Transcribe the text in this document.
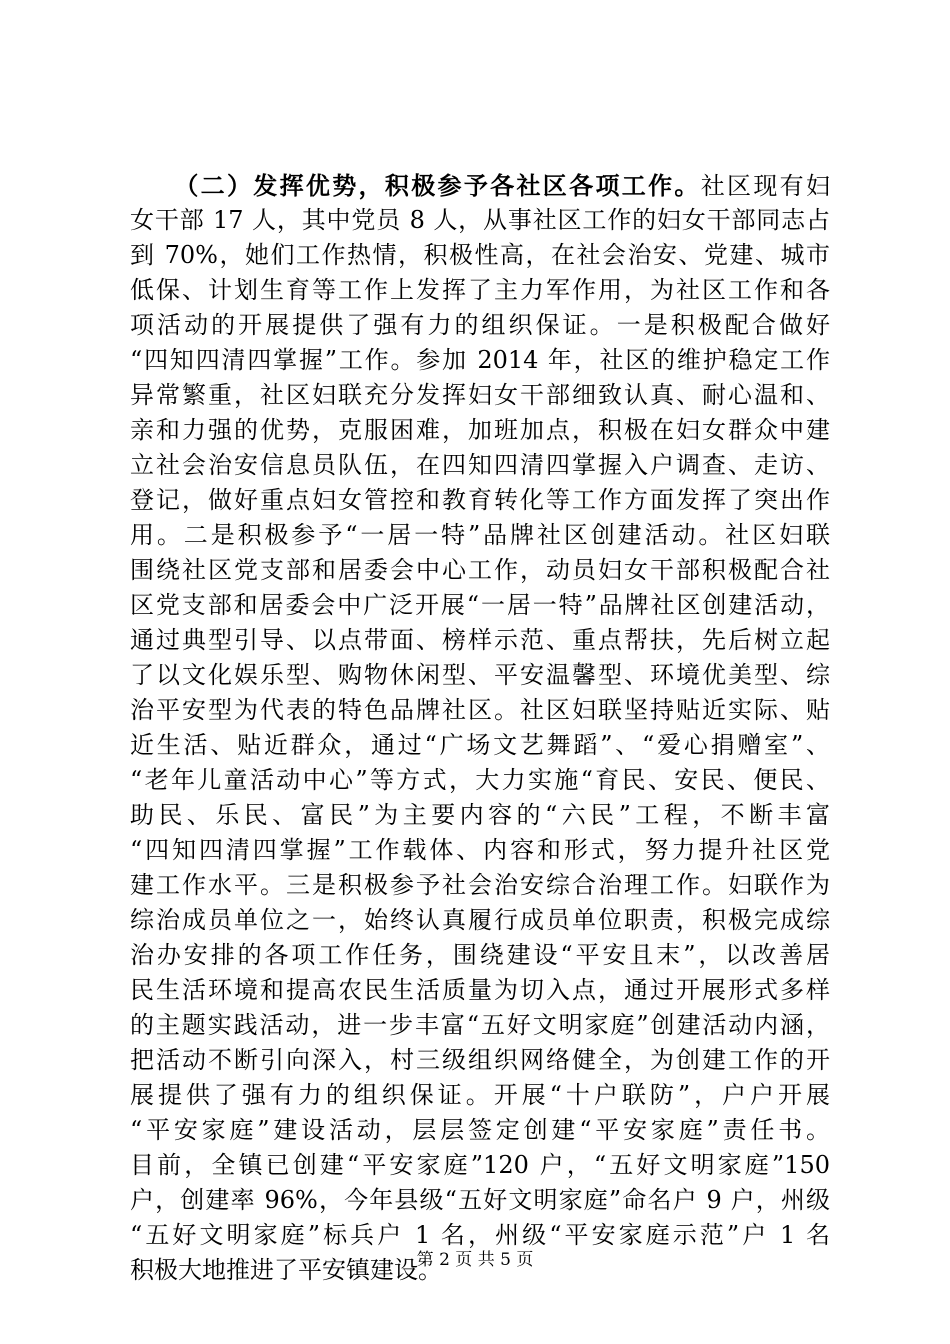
（二）发挥优势，积极参予各社区各项工作。社区现有妇
女干部 17 人，其中党员 8 人，从事社区工作的妇女干部同志占
到 70%，她们工作热情，积极性高，在社会治安、党建、城市
低保、计划生育等工作上发挥了主力军作用，为社区工作和各
项活动的开展提供了强有力的组织保证。一是积极配合做好
“四知四清四掌握”工作。参加 2014 年，社区的维护稳定工作
异常繁重，社区妇联充分发挥妇女干部细致认真、耐心温和、
亲和力强的优势，克服困难，加班加点，积极在妇女群众中建
立社会治安信息员队伍，在四知四清四掌握入户调查、走访、
登记，做好重点妇女管控和教育转化等工作方面发挥了突出作
用。二是积极参予“一居一特”品牌社区创建活动。社区妇联
围绕社区党支部和居委会中心工作，动员妇女干部积极配合社
区党支部和居委会中广泛开展“一居一特”品牌社区创建活动，
通过典型引导、以点带面、榜样示范、重点帮扶，先后树立起
了以文化娱乐型、购物休闲型、平安温馨型、环境优美型、综
治平安型为代表的特色品牌社区。社区妇联坚持贴近实际、贴
近生活、贴近群众，通过“广场文艺舞蹈”、“爱心捐赠室”、
“老年儿童活动中心”等方式，大力实施“育民、安民、便民、
助民、乐民、富民”为主要内容的“六民”工程，不断丰富
“四知四清四掌握”工作载体、内容和形式，努力提升社区党
建工作水平。三是积极参予社会治安综合治理工作。妇联作为
综治成员单位之一，始终认真履行成员单位职责，积极完成综
治办安排的各项工作任务，围绕建设“平安且末”，以改善居
民生活环境和提高农民生活质量为切入点，通过开展形式多样
的主题实践活动，进一步丰富“五好文明家庭”创建活动内涵，
把活动不断引向深入，村三级组织网络健全，为创建工作的开
展提供了强有力的组织保证。开展“十户联防”，户户开展
“平安家庭”建设活动，层层签定创建“平安家庭”责任书。
目前，全镇已创建“平安家庭”120 户，“五好文明家庭”150
户，创建率 96%，今年县级“五好文明家庭”命名户 9 户，州级
“五好文明家庭”标兵户 1 名，州级“平安家庭示范”户 1 名
积极大地推进了平安镇建设。
第 2 页 共 5 页
